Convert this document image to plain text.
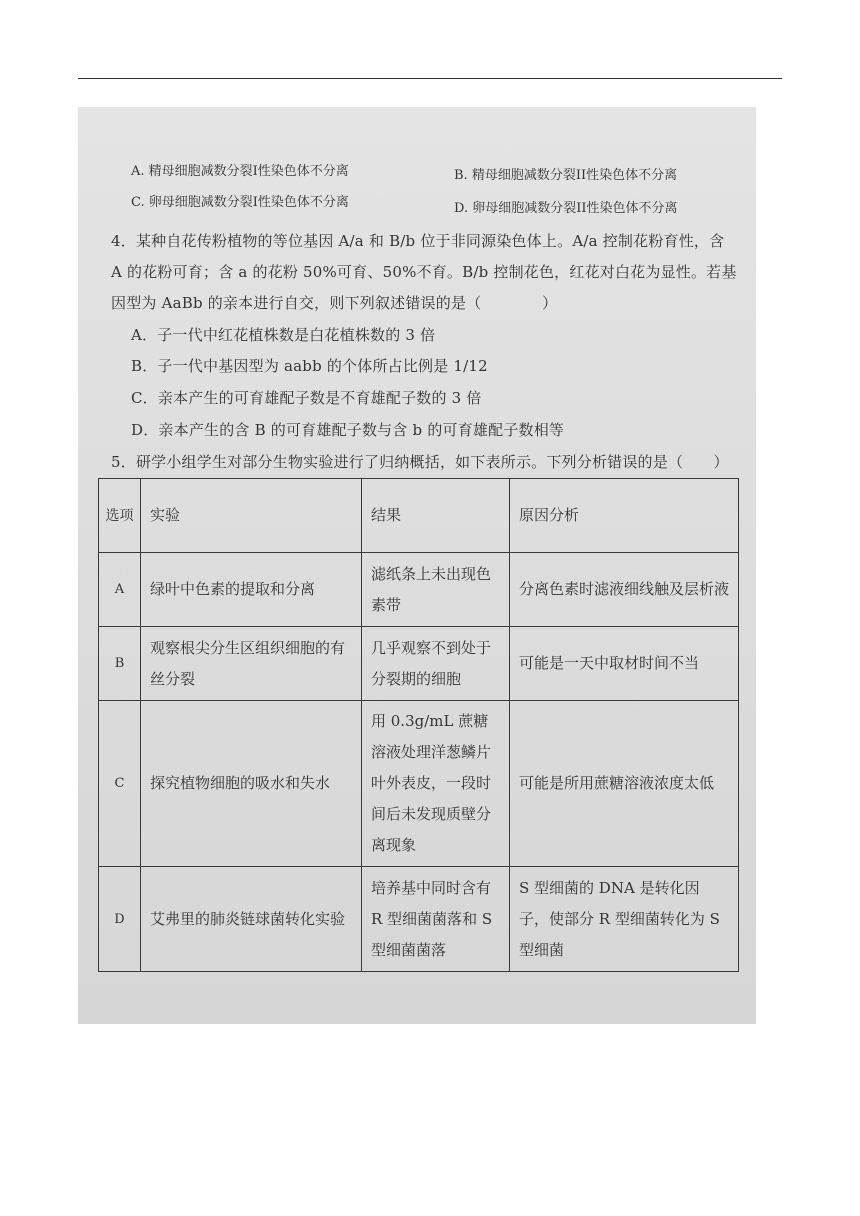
A. 精母细胞减数分裂I性染色体不分离	B. 精母细胞减数分裂II性染色体不分离
C. 卵母细胞减数分裂I性染色体不分离	D. 卵母细胞减数分裂II性染色体不分离
4．某种自花传粉植物的等位基因 A/a 和 B/b 位于非同源染色体上。A/a 控制花粉育性，含
A 的花粉可育；含 a 的花粉 50%可育、50%不育。B/b 控制花色，红花对白花为显性。若基
因型为 AaBb 的亲本进行自交，则下列叙述错误的是（　　　　）
A．子一代中红花植株数是白花植株数的 3 倍
B．子一代中基因型为 aabb 的个体所占比例是 1/12
C．亲本产生的可育雄配子数是不育雄配子数的 3 倍
D．亲本产生的含 B 的可育雄配子数与含 b 的可育雄配子数相等
5．研学小组学生对部分生物实验进行了归纳概括，如下表所示。下列分析错误的是（　　）
选项	实验	结果	原因分析
A	绿叶中色素的提取和分离	滤纸条上未出现色素带	分离色素时滤液细线触及层析液
B	观察根尖分生区组织细胞的有丝分裂	几乎观察不到处于分裂期的细胞	可能是一天中取材时间不当
C	探究植物细胞的吸水和失水	用 0.3g/mL 蔗糖溶液处理洋葱鳞片叶外表皮，一段时间后未发现质壁分离现象	可能是所用蔗糖溶液浓度太低
D	艾弗里的肺炎链球菌转化实验	培养基中同时含有 R 型细菌菌落和 S 型细菌菌落	S 型细菌的 DNA 是转化因子，使部分 R 型细菌转化为 S 型细菌
